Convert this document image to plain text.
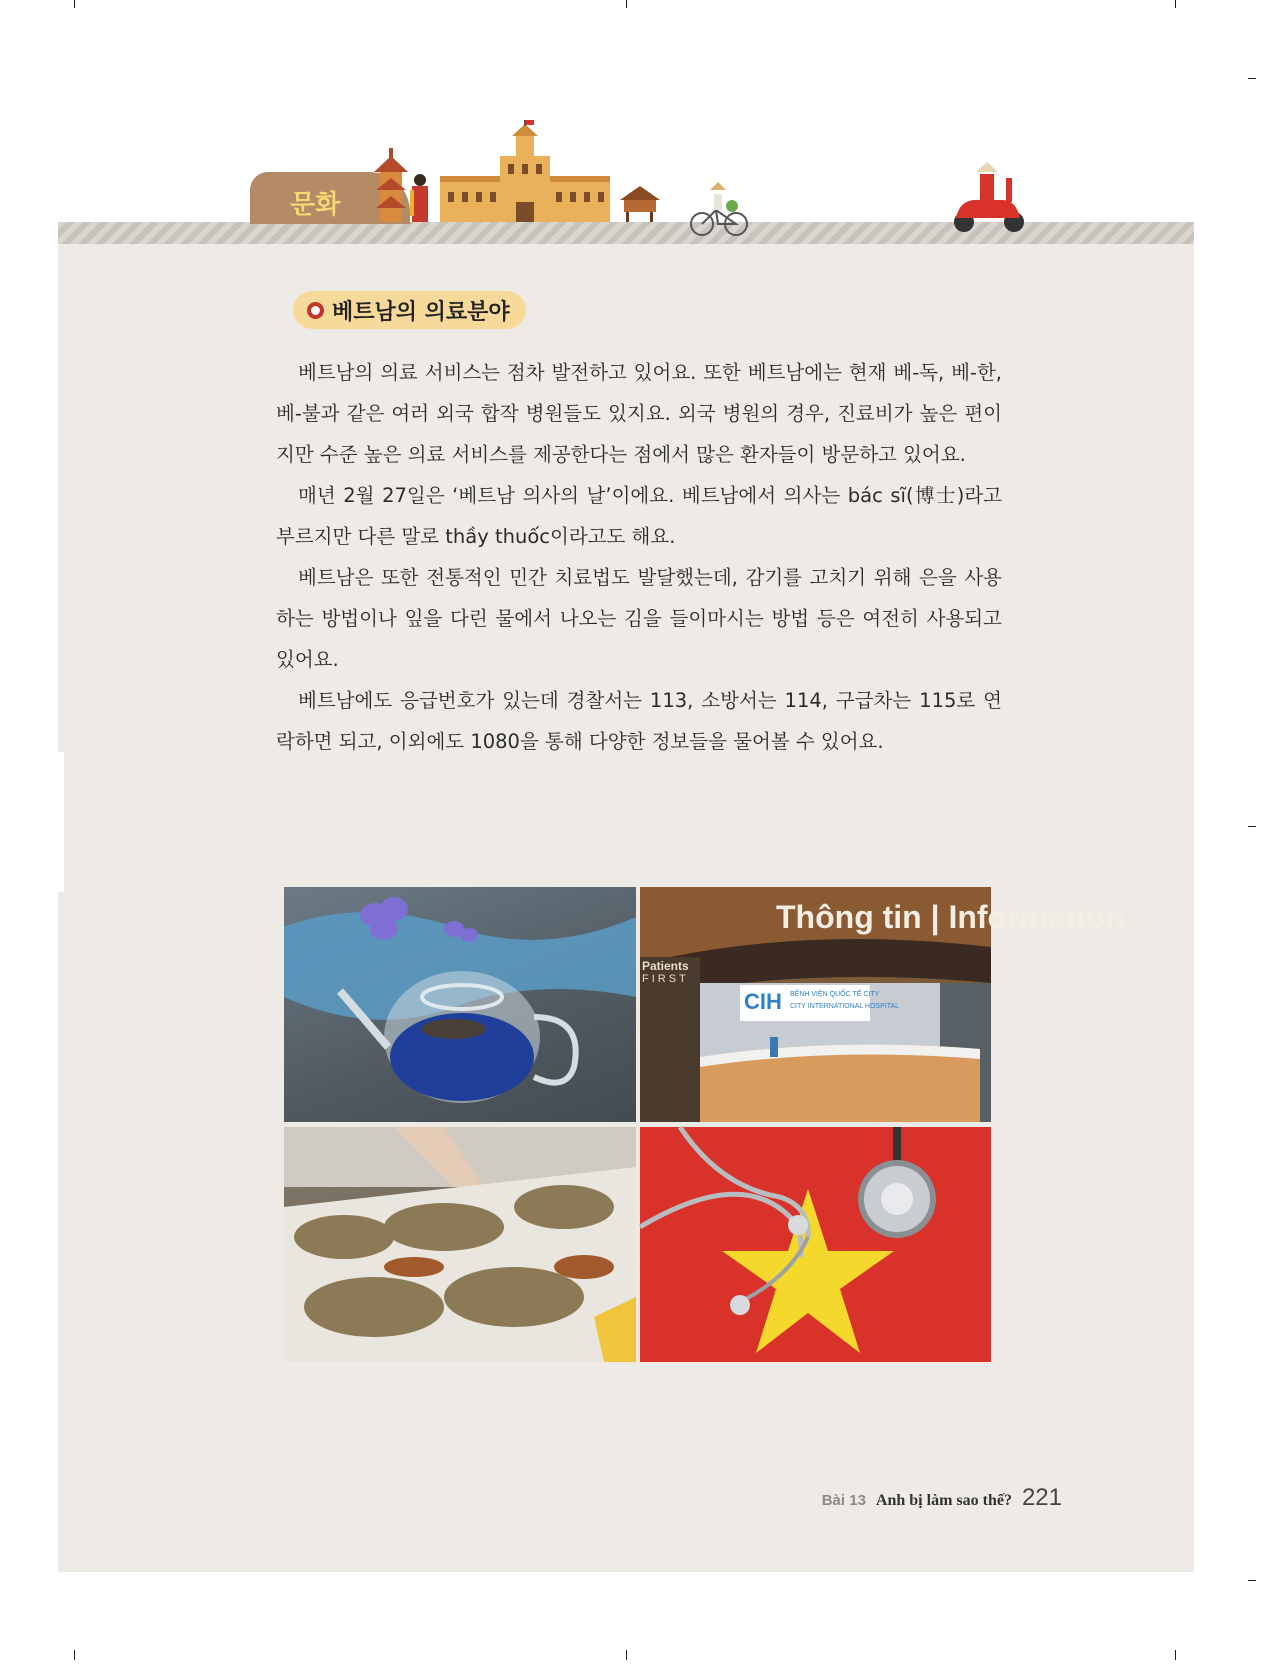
문화
베트남의 의료분야

베트남의 의료 서비스는 점차 발전하고 있어요. 또한 베트남에는 현재 베-독, 베-한, 베-불과 같은 여러 외국 합작 병원들도 있지요. 외국 병원의 경우, 진료비가 높은 편이지만 수준 높은 의료 서비스를 제공한다는 점에서 많은 환자들이 방문하고 있어요.

매년 2월 27일은 ‘베트남 의사의 날’이에요. 베트남에서 의사는 bác sĩ(博士)라고 부르지만 다른 말로 thầy thuốc이라고도 해요.

베트남은 또한 전통적인 민간 치료법도 발달했는데, 감기를 고치기 위해 은을 사용하는 방법이나 잎을 다린 물에서 나오는 김을 들이마시는 방법 등은 여전히 사용되고 있어요.

베트남에도 응급번호가 있는데 경찰서는 113, 소방서는 114, 구급차는 115로 연락하면 되고, 이외에도 1080을 통해 다양한 정보들을 물어볼 수 있어요.

Thông tin | Information
Patients
FIRST
CIH BỆNH VIỆN QUỐC TẾ CITY
CITY INTERNATIONAL HOSPITAL
Bài 13 Anh bị làm sao thế? 221
